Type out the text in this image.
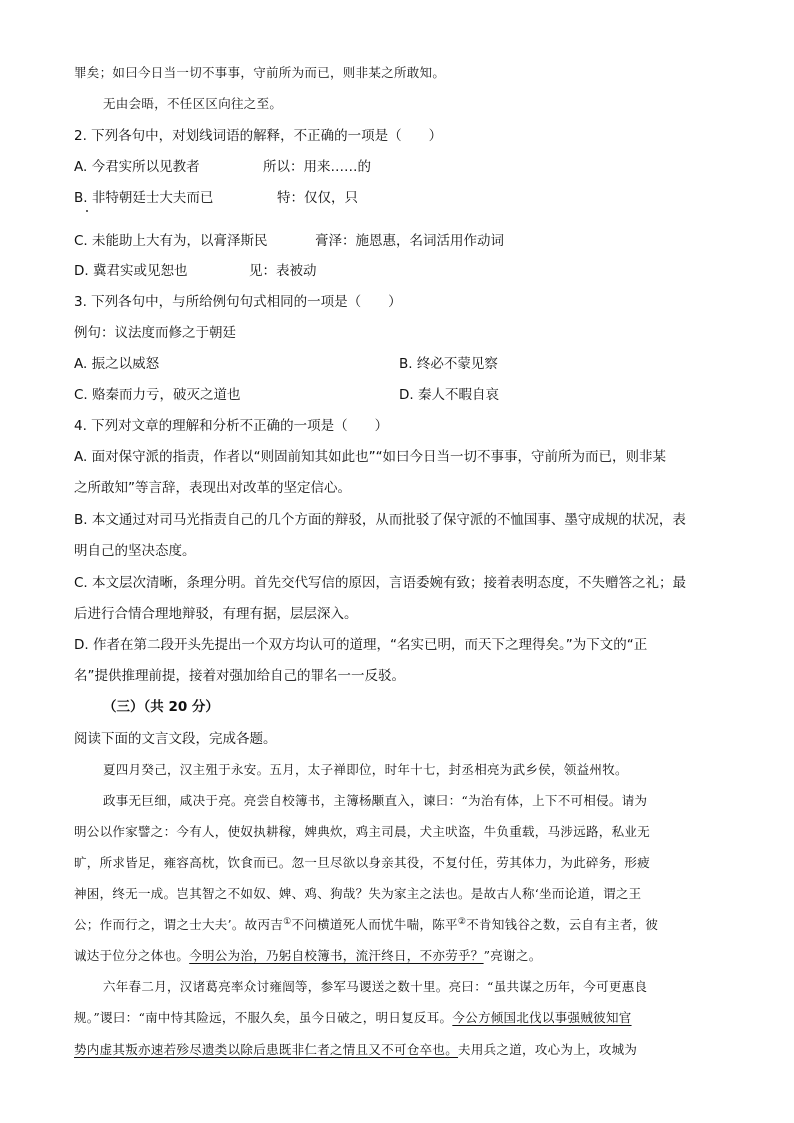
罪矣；如曰今日当一切不事事，守前所为而已，则非某之所敢知。
无由会晤，不任区区向往之至。
2. 下列各句中，对划线词语的解释，不正确的一项是（　　）
A. 今君实所以见教者	所以：用来……的
B. 非特朝廷士大夫而已	特：仅仅，只
C. 未能助上大有为，以膏泽斯民	膏泽：施恩惠，名词活用作动词
D. 冀君实或见恕也	见：表被动
3. 下列各句中，与所给例句句式相同的一项是（　　）
例句：议法度而修之于朝廷
A. 振之以威怒	B. 终必不蒙见察
C. 赂秦而力亏，破灭之道也	D. 秦人不暇自哀
4. 下列对文章的理解和分析不正确的一项是（　　）
A. 面对保守派的指责，作者以“则固前知其如此也”“如曰今日当一切不事事，守前所为而已，则非某
之所敢知”等言辞，表现出对改革的坚定信心。
B. 本文通过对司马光指责自己的几个方面的辩驳，从而批驳了保守派的不恤国事、墨守成规的状况，表
明自己的坚决态度。
C. 本文层次清晰，条理分明。首先交代写信的原因，言语委婉有致；接着表明态度，不失赠答之礼；最
后进行合情合理地辩驳，有理有据，层层深入。
D. 作者在第二段开头先提出一个双方均认可的道理，“名实已明，而天下之理得矣。”为下文的“正
名”提供推理前提，接着对强加给自己的罪名一一反驳。
（三）（共 20 分）
阅读下面的文言文段，完成各题。
夏四月癸己，汉主殂于永安。五月，太子禅即位，时年十七，封丞相亮为武乡侯，领益州牧。
政事无巨细，咸决于亮。亮尝自校簿书，主簿杨颙直入，谏曰：“为治有体，上下不可相侵。请为
明公以作家譬之：今有人，使奴执耕稼，婢典炊，鸡主司晨，犬主吠盗，牛负重载，马涉远路，私业无
旷，所求皆足，雍容高枕，饮食而已。忽一旦尽欲以身亲其役，不复付任，劳其体力，为此碎务，形疲
神困，终无一成。岂其智之不如奴、婢、鸡、狗哉？失为家主之法也。是故古人称‘坐而论道，谓之王
公；作而行之，谓之士大夫’。故丙吉①不问横道死人而忧牛喘，陈平②不肯知钱谷之数，云自有主者，彼
诚达于位分之体也。今明公为治，乃躬自校簿书，流汗终日，不亦劳乎？”亮谢之。
六年春二月，汉诸葛亮率众讨雍闿等，参军马谡送之数十里。亮曰：“虽共谋之历年，今可更惠良
规。”谡曰：“南中恃其险远，不服久矣，虽今日破之，明日复反耳。今公方倾国北伐以事强贼彼知官
势内虚其叛亦速若殄尽遗类以除后患既非仁者之情且又不可仓卒也。夫用兵之道，攻心为上，攻城为
